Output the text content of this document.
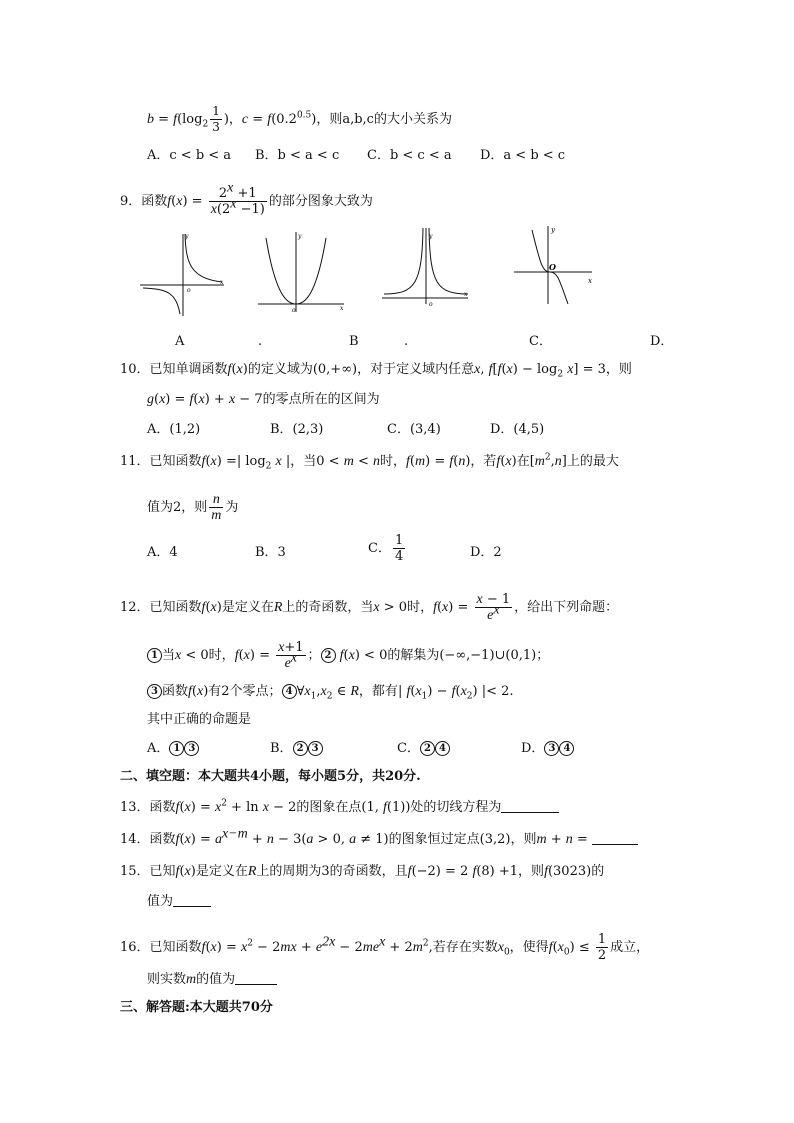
$b = f(\log_2 \frac{1}{3}$ )，$c = f(0.2^{0.5})$，则a,b,c的大小关系为
A．c < b < a B．b < a < c C．b < c < a D．a < b < c
9．函数$f(x) = \frac{2^x +1}{x(2^x -1)}$ 的部分图象大致为
y
x
o
y
x
o
y
x
o
y
x
O
A	.	B	.	C．	D．
10．已知单调函数f(x)的定义域为(0,+∞)，对于定义域内任意x, $f[f(x) - \log_2 x] = 3$，则
g(x) = f(x) + x − 7的零点所在的区间为
A．(1,2)	B．(2,3)	C．(3,4)	D．(4,5)
11．已知函数f(x) =| $\log_2 x$ |，当0 < m < n时，f(m) = f(n)，若f(x)在$[m^2,n]$上的最大
值为2，则 $\frac{n}{m}$ 为
A．4	B．3	C． $\frac{1}{4}$	D．2
12．已知函数f(x)是定义在R上的奇函数，当x > 0时，$f(x) = \frac{x - 1}{e^x}$ ，给出下列命题：
1 当x < 0时，$f(x) = \frac{x+1}{e^x}$ ； 2 f(x) < 0的解集为(−∞,−1)∪(0,1)；
3 函数f(x)有2个零点； 4 $\forall x_1,x_2$ ∈ R，都有| $f(x_1) - f(x_2)$ |< 2.
其中正确的命题是
A． 1 3	B． 2 3	C． 2 4	D． 3 4
二、填空题：本大题共4小题，每小题5分，共20分.
13．函数$f(x) = x^2 + \ln x - 2$的图象在点(1, f(1))处的切线方程为
14．函数$f(x) = a^{x-m} + n - 3(a > 0$, a ≠ 1)的图象恒过定点(3,2)，则m + n =
15．已知f(x)是定义在R上的周期为3的奇函数，且f(−2) = 2 f(8) +1，则f(3023)的
值为
16．已知函数$f(x) = x^2 - 2mx + e^{2x} - 2me^x + 2m^2$,若存在实数$x_0$，使得$f(x_0) \le \frac{1}{2}$ 成立，
则实数m的值为
三、解答题:本大题共70分
